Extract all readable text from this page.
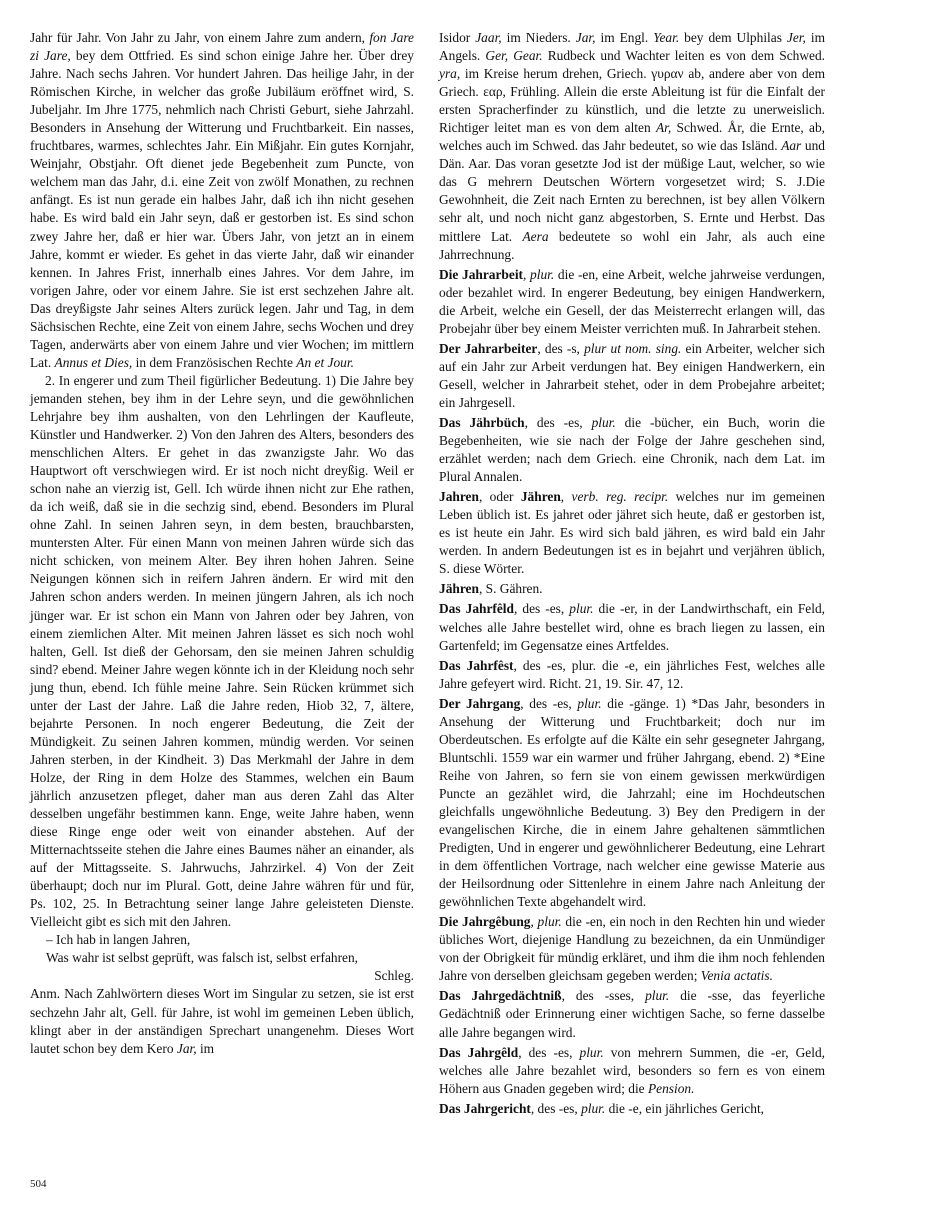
Jahr für Jahr. Von Jahr zu Jahr, von einem Jahre zum andern, fon Jare zi Jare, bey dem Ottfried. Es sind schon einige Jahre her. Über drey Jahre. Nach sechs Jahren. Vor hundert Jahren. Das heilige Jahr, in der Römischen Kirche, in welcher das große Jubiläum eröffnet wird, S. Jubeljahr. Im Jhre 1775, nehmlich nach Christi Geburt, siehe Jahrzahl. Besonders in Ansehung der Witterung und Fruchtbarkeit. Ein nasses, fruchtbares, warmes, schlechtes Jahr. Ein Mißjahr. Ein gutes Kornjahr, Weinjahr, Obstjahr. Oft dienet jede Begebenheit zum Puncte, von welchem man das Jahr, d.i. eine Zeit von zwölf Monathen, zu rechnen anfängt. Es ist nun gerade ein halbes Jahr, daß ich ihn nicht gesehen habe. Es wird bald ein Jahr seyn, daß er gestorben ist. Es sind schon zwey Jahre her, daß er hier war. Übers Jahr, von jetzt an in einem Jahre, kommt er wieder. Es gehet in das vierte Jahr, daß wir einander kennen. In Jahres Frist, innerhalb eines Jahres. Vor dem Jahre, im vorigen Jahre, oder vor einem Jahre. Sie ist erst sechzehen Jahre alt. Das dreyßigste Jahr seines Alters zurück legen. Jahr und Tag, in dem Sächsischen Rechte, eine Zeit von einem Jahre, sechs Wochen und drey Tagen, anderwärts aber von einem Jahre und vier Wochen; im mittlern Lat. Annus et Dies, in dem Französischen Rechte An et Jour.

2. In engerer und zum Theil figürlicher Bedeutung. 1) Die Jahre bey jemanden stehen, bey ihm in der Lehre seyn, und die gewöhnlichen Lehrjahre bey ihm aushalten, von den Lehrlingen der Kaufleute, Künstler und Handwerker. 2) Von den Jahren des Alters, besonders des menschlichen Alters. Er gehet in das zwanzigste Jahr. Wo das Hauptwort oft verschwiegen wird. Er ist noch nicht dreyßig. Weil er schon nahe an vierzig ist, Gell. Ich würde ihnen nicht zur Ehe rathen, da ich weiß, daß sie in die sechzig sind, ebend. Besonders im Plural ohne Zahl. In seinen Jahren seyn, in dem besten, brauchbarsten, muntersten Alter. Für einen Mann von meinen Jahren würde sich das nicht schicken, von meinem Alter. Bey ihren hohen Jahren. Seine Neigungen können sich in reifern Jahren ändern. Er wird mit den Jahren schon anders werden. In meinen jüngern Jahren, als ich noch jünger war. Er ist schon ein Mann von Jahren oder bey Jahren, von einem ziemlichen Alter. Mit meinen Jahren lässet es sich noch wohl halten, Gell. Ist dieß der Gehorsam, den sie meinen Jahren schuldig sind? ebend. Meiner Jahre wegen könnte ich in der Kleidung noch sehr jung thun, ebend. Ich fühle meine Jahre. Sein Rücken krümmet sich unter der Last der Jahre. Laß die Jahre reden, Hiob 32, 7, ältere, bejahrte Personen. In noch engerer Bedeutung, die Zeit der Mündigkeit. Zu seinen Jahren kommen, mündig werden. Vor seinen Jahren sterben, in der Kindheit. 3) Das Merkmahl der Jahre in dem Holze, der Ring in dem Holze des Stammes, welchen ein Baum jährlich anzusetzen pfleget, daher man aus deren Zahl das Alter desselben ungefähr bestimmen kann. Enge, weite Jahre haben, wenn diese Ringe enge oder weit von einander abstehen. Auf der Mitternachtsseite stehen die Jahre eines Baumes näher an einander, als auf der Mittagsseite. S. Jahrwuchs, Jahrzirkel. 4) Von der Zeit überhaupt; doch nur im Plural. Gott, deine Jahre währen für und für, Ps. 102, 25. In Betrachtung seiner lange Jahre geleisteten Dienste. Vielleicht gibt es sich mit den Jahren.

– Ich hab in langen Jahren,
Was wahr ist selbst geprüft, was falsch ist, selbst erfahren,
Schleg.

Anm. Nach Zahlwörtern dieses Wort im Singular zu setzen, sie ist erst sechzehn Jahr alt, Gell. für Jahre, ist wohl im gemeinen Leben üblich, klingt aber in der anständigen Sprechart unangenehm. Dieses Wort lautet schon bey dem Kero Jar, im

Isidor Jaar, im Nieders. Jar, im Engl. Year. bey dem Ulphilas Jer, im Angels. Ger, Gear. Rudbeck und Wachter leiten es von dem Schwed. yra, im Kreise herum drehen, Griech. γυραν ab, andere aber von dem Griech. εαρ, Frühling. Allein die erste Ableitung ist für die Einfalt der ersten Spracherfinder zu künstlich, und die letzte zu unerweislich. Richtiger leitet man es von dem alten Ar, Schwed. År, die Ernte, ab, welches auch im Schwed. das Jahr bedeutet, so wie das Isländ. Aar und Dän. Aar. Das voran gesetzte Jod ist der müßige Laut, welcher, so wie das G mehrern Deutschen Wörtern vorgesetzet wird; S. J.Die Gewohnheit, die Zeit nach Ernten zu berechnen, ist bey allen Völkern sehr alt, und noch nicht ganz abgestorben, S. Ernte und Herbst. Das mittlere Lat. Aera bedeutete so wohl ein Jahr, als auch eine Jahrrechnung.

Die Jahrarbeit, plur. die -en, eine Arbeit, welche jahrweise verdungen, oder bezahlet wird. In engerer Bedeutung, bey einigen Handwerkern, die Arbeit, welche ein Gesell, der das Meisterrecht erlangen will, das Probejahr über bey einem Meister verrichten muß. In Jahrarbeit stehen.

Der Jahrarbeiter, des -s, plur ut nom. sing. ein Arbeiter, welcher sich auf ein Jahr zur Arbeit verdungen hat. Bey einigen Handwerkern, ein Gesell, welcher in Jahrarbeit stehet, oder in dem Probejahre arbeitet; ein Jahrgesell.

Das Jährbüch, des -es, plur. die -bücher, ein Buch, worin die Begebenheiten, wie sie nach der Folge der Jahre geschehen sind, erzählet werden; nach dem Griech. eine Chronik, nach dem Lat. im Plural Annalen.

Jahren, oder Jähren, verb. reg. recipr. welches nur im gemeinen Leben üblich ist. Es jahret oder jähret sich heute, daß er gestorben ist, es ist heute ein Jahr. Es wird sich bald jähren, es wird bald ein Jahr werden. In andern Bedeutungen ist es in bejahrt und verjähren üblich, S. diese Wörter.

Jähren, S. Gähren.

Das Jahrfêld, des -es, plur. die -er, in der Landwirthschaft, ein Feld, welches alle Jahre bestellet wird, ohne es brach liegen zu lassen, ein Gartenfeld; im Gegensatze eines Artfeldes.

Das Jahrfêst, des -es, plur. die -e, ein jährliches Fest, welches alle Jahre gefeyert wird. Richt. 21, 19. Sir. 47, 12.

Der Jahrgang, des -es, plur. die -gänge. 1) *Das Jahr, besonders in Ansehung der Witterung und Fruchtbarkeit; doch nur im Oberdeutschen. Es erfolgte auf die Kälte ein sehr gesegneter Jahrgang, Bluntschli. 1559 war ein warmer und früher Jahrgang, ebend. 2) *Eine Reihe von Jahren, so fern sie von einem gewissen merkwürdigen Puncte an gezählet wird, die Jahrzahl; eine im Hochdeutschen gleichfalls ungewöhnliche Bedeutung. 3) Bey den Predigern in der evangelischen Kirche, die in einem Jahre gehaltenen sämmtlichen Predigten, Und in engerer und gewöhnlicherer Bedeutung, eine Lehrart in dem öffentlichen Vortrage, nach welcher eine gewisse Materie aus der Heilsordnung oder Sittenlehre in einem Jahre nach Anleitung der gewöhnlichen Texte abgehandelt wird.

Die Jahrgêbung, plur. die -en, ein noch in den Rechten hin und wieder übliches Wort, diejenige Handlung zu bezeichnen, da ein Unmündiger von der Obrigkeit für mündig erkläret, und ihm die ihm noch fehlenden Jahre von derselben gleichsam gegeben werden; Venia actatis.

Das Jahrgedächtniß, des -sses, plur. die -sse, das feyerliche Gedächtniß oder Erinnerung einer wichtigen Sache, so ferne dasselbe alle Jahre begangen wird.

Das Jahrgêld, des -es, plur. von mehrern Summen, die -er, Geld, welches alle Jahre bezahlet wird, besonders so fern es von einem Höhern aus Gnaden gegeben wird; die Pension.

Das Jahrgericht, des -es, plur. die -e, ein jährliches Gericht,

504
